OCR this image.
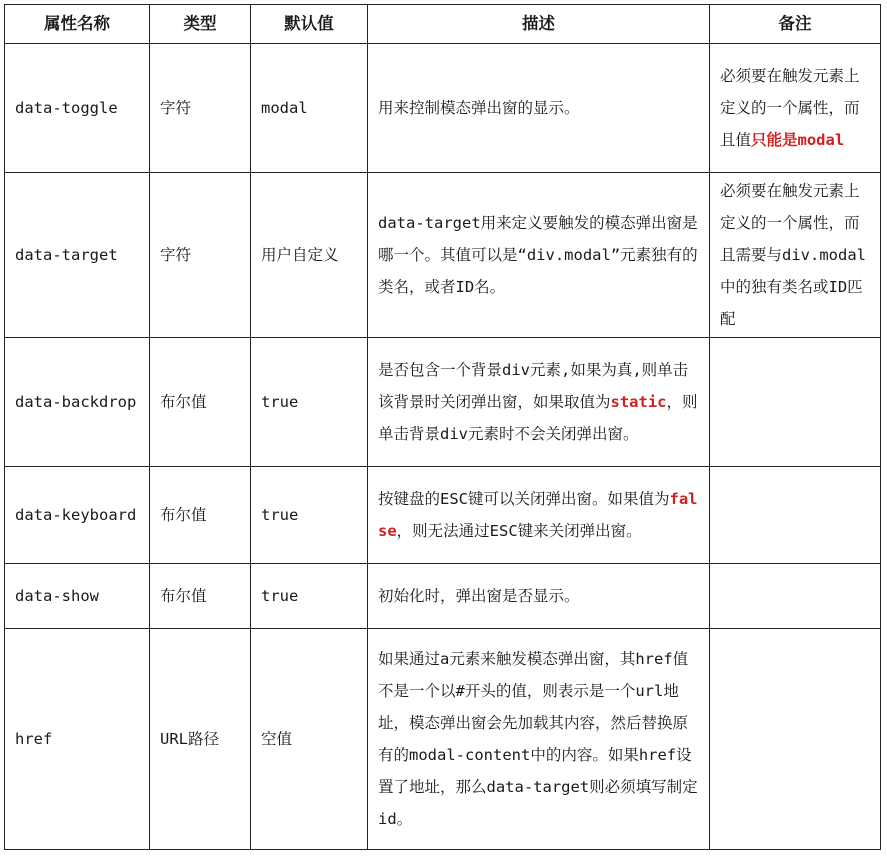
属性名称	类型	默认值	描述	备注
data-toggle	字符	modal	用来控制模态弹出窗的显示。	必须要在触发元素上定义的一个属性，而且值只能是modal
data-target	字符	用户自定义	data-target用来定义要触发的模态弹出窗是哪一个。其值可以是“div.modal”元素独有的类名，或者ID名。	必须要在触发元素上定义的一个属性，而且需要与div.modal中的独有类名或ID匹配
data-backdrop	布尔值	true	是否包含一个背景div元素,如果为真,则单击该背景时关闭弹出窗，如果取值为static，则单击背景div元素时不会关闭弹出窗。	
data-keyboard	布尔值	true	按键盘的ESC键可以关闭弹出窗。如果值为false，则无法通过ESC键来关闭弹出窗。	
data-show	布尔值	true	初始化时，弹出窗是否显示。	
href	URL路径	空值	如果通过a元素来触发模态弹出窗，其href值不是一个以#开头的值，则表示是一个url地址，模态弹出窗会先加载其内容，然后替换原有的modal-content中的内容。如果href设置了地址，那么data-target则必须填写制定id。	
